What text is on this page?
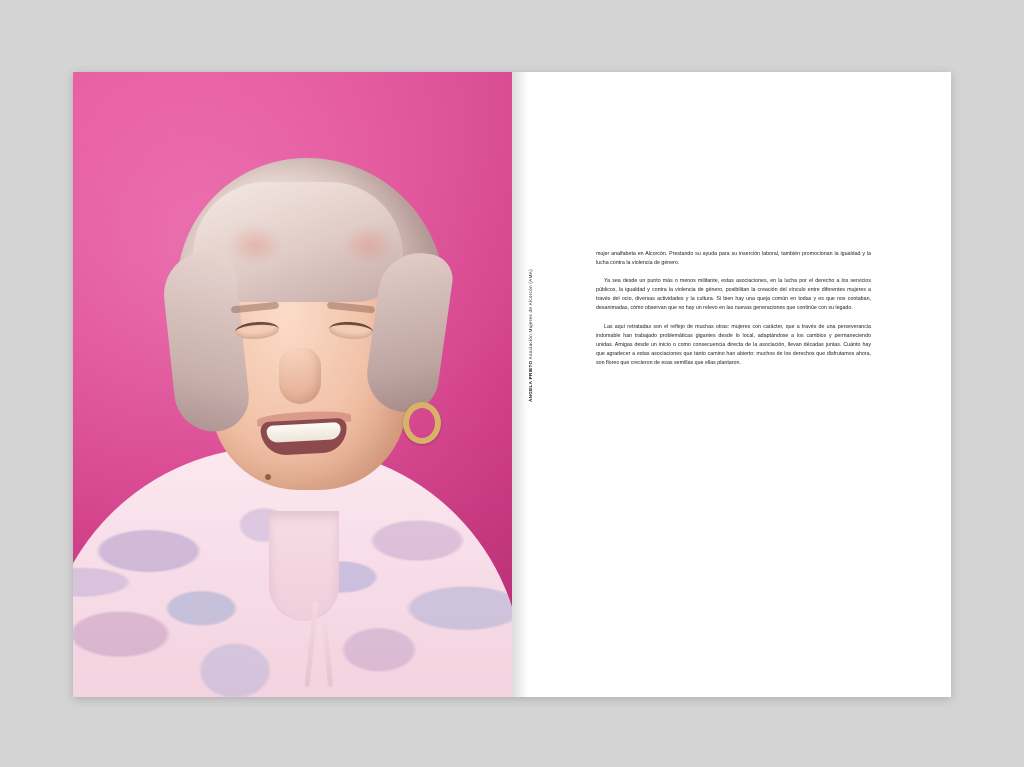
ÁNGELA PRIETO Asociación Mujeres de Alcorcón (AMA)

mujer analfabeta en Alcorcón. Prestando su ayuda para su inserción laboral, también promocionan la igualdad y la lucha contra la violencia de género.

Ya sea desde un punto más o menos militante, estas asociaciones, en la lucha por el derecho a los servicios públicos, la igualdad y contra la violencia de género, posibilitan la creación del vínculo entre diferentes mujeres a través del ocio, diversas actividades y la cultura. Si bien hay una queja común en todas y es que nos contaban, desanimadas, cómo observan que no hay un relevo en las nuevas generaciones que continúe con su legado.

Las aquí retratadas son el reflejo de muchas otras: mujeres con carácter, que a través de una perseverancia indomable han trabajado problemáticas gigantes desde lo local, adaptándose a los cambios y permaneciendo unidas. Amigas desde un inicio o como consecuencia directa de la asociación, llevan décadas juntas. Cuánto hay que agradecer a estas asociaciones que tanto camino han abierto: muchos de los derechos que disfrutamos ahora, son flores que crecieron de esas semillas que ellas plantaron.
